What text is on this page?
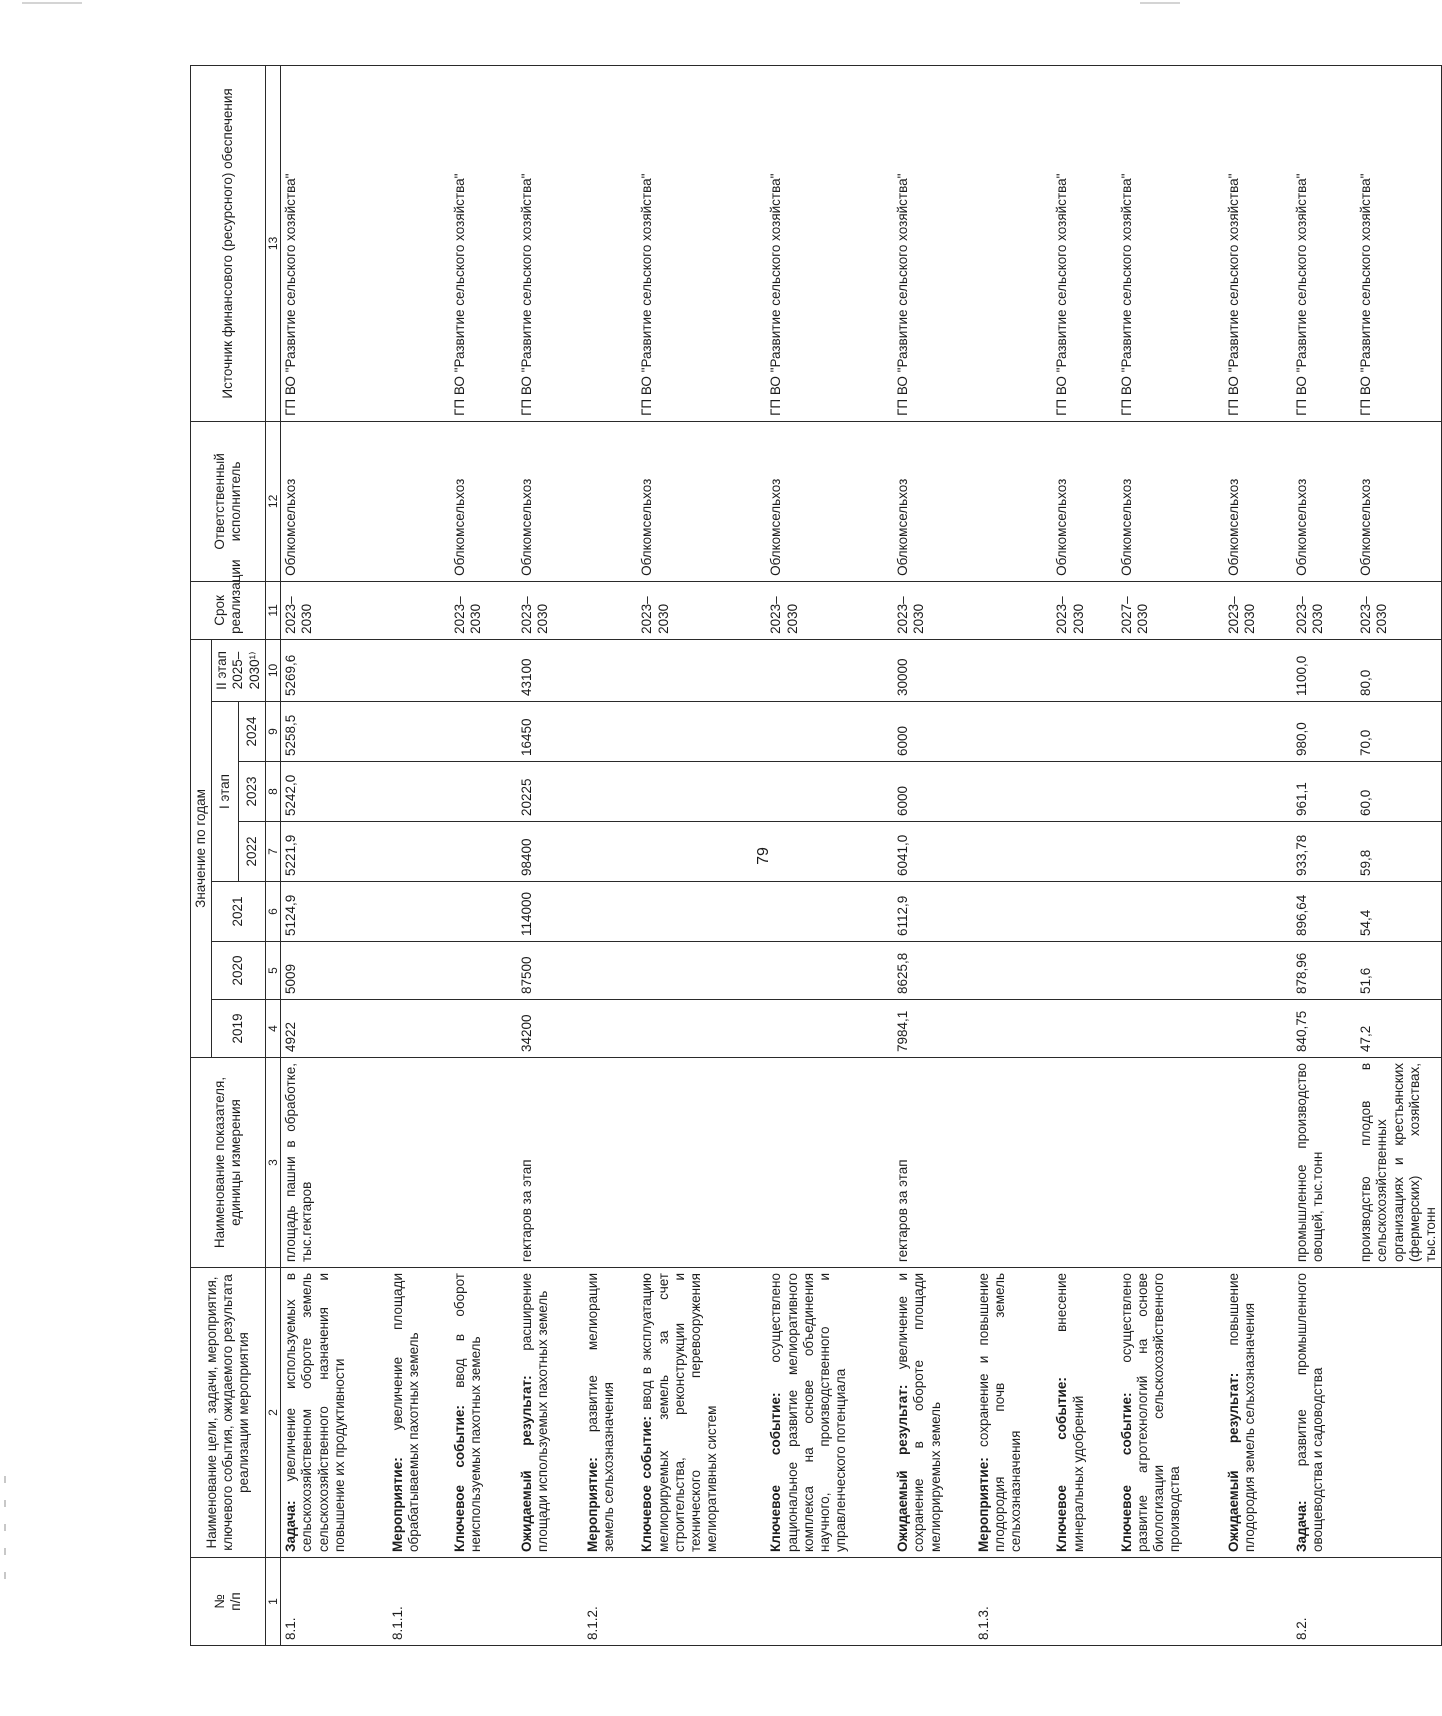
79
№
п/п	Наименование цели, задачи, мероприятия, ключевого события, ожидаемого результата реализации мероприятия	Наименование показателя, единицы измерения	Значение по годам							Срок реализации	Ответственный исполнитель	Источник финансового (ресурсного) обеспечения
			2019	2020	2021	I этап			II этап 2025–2030¹⁾			
						2022	2023	2024				
1	2	3	4	5	6	7	8	9	10	11	12	13
8.1.	Задача: увеличение используемых в сельскохозяйственном обороте земель сельскохозяйственного назначения и повышение их продуктивности	площадь пашни в обработке, тыс.гектаров	4922	5009	5124,9	5221,9	5242,0	5258,5	5269,6	2023–2030	Облкомсельхоз	ГП ВО "Развитие сельского хозяйства"
8.1.1.	Мероприятие: увеличение площади обрабатываемых пахотных земель											
	Ключевое событие: ввод в оборот неиспользуемых пахотных земель									2023–2030	Облкомсельхоз	ГП ВО "Развитие сельского хозяйства"
	Ожидаемый результат: расширение площади используемых пахотных земель	гектаров за этап	34200	87500	114000	98400	20225	16450	43100	2023–2030	Облкомсельхоз	ГП ВО "Развитие сельского хозяйства"
8.1.2.	Мероприятие: развитие мелиорации земель сельхозназначения											
	Ключевое событие: ввод в эксплуатацию мелиорируемых земель за счет строительства, реконструкции и технического перевооружения мелиоративных систем									2023–2030	Облкомсельхоз	ГП ВО "Развитие сельского хозяйства"
	Ключевое событие: осуществлено рациональное развитие мелиоративного комплекса на основе объединения научного, производственного и управленческого потенциала									2023–2030	Облкомсельхоз	ГП ВО "Развитие сельского хозяйства"
	Ожидаемый результат: увеличение и сохранение в обороте площади мелиорируемых земель	гектаров за этап	7984,1	8625,8	6112,9	6041,0	6000	6000	30000	2023–2030	Облкомсельхоз	ГП ВО "Развитие сельского хозяйства"
8.1.3.	Мероприятие: сохранение и повышение плодородия почв земель сельхозназначения											
	Ключевое событие: внесение минеральных удобрений									2023–2030	Облкомсельхоз	ГП ВО "Развитие сельского хозяйства"
	Ключевое событие: осуществлено развитие агротехнологий на основе биологизации сельскохозяйственного производства									2027–2030	Облкомсельхоз	ГП ВО "Развитие сельского хозяйства"
	Ожидаемый результат: повышение плодородия земель сельхозназначения									2023–2030	Облкомсельхоз	ГП ВО "Развитие сельского хозяйства"
8.2.	Задача: развитие промышленного овощеводства и садоводства	промышленное производство овощей, тыс.тонн	840,75	878,96	896,64	933,78	961,1	980,0	1100,0	2023–2030	Облкомсельхоз	ГП ВО "Развитие сельского хозяйства"
		производство плодов в сельскохозяйственных организациях и крестьянских (фермерских) хозяйствах, тыс.тонн	47,2	51,6	54,4	59,8	60,0	70,0	80,0	2023–2030	Облкомсельхоз	ГП ВО "Развитие сельского хозяйства"
